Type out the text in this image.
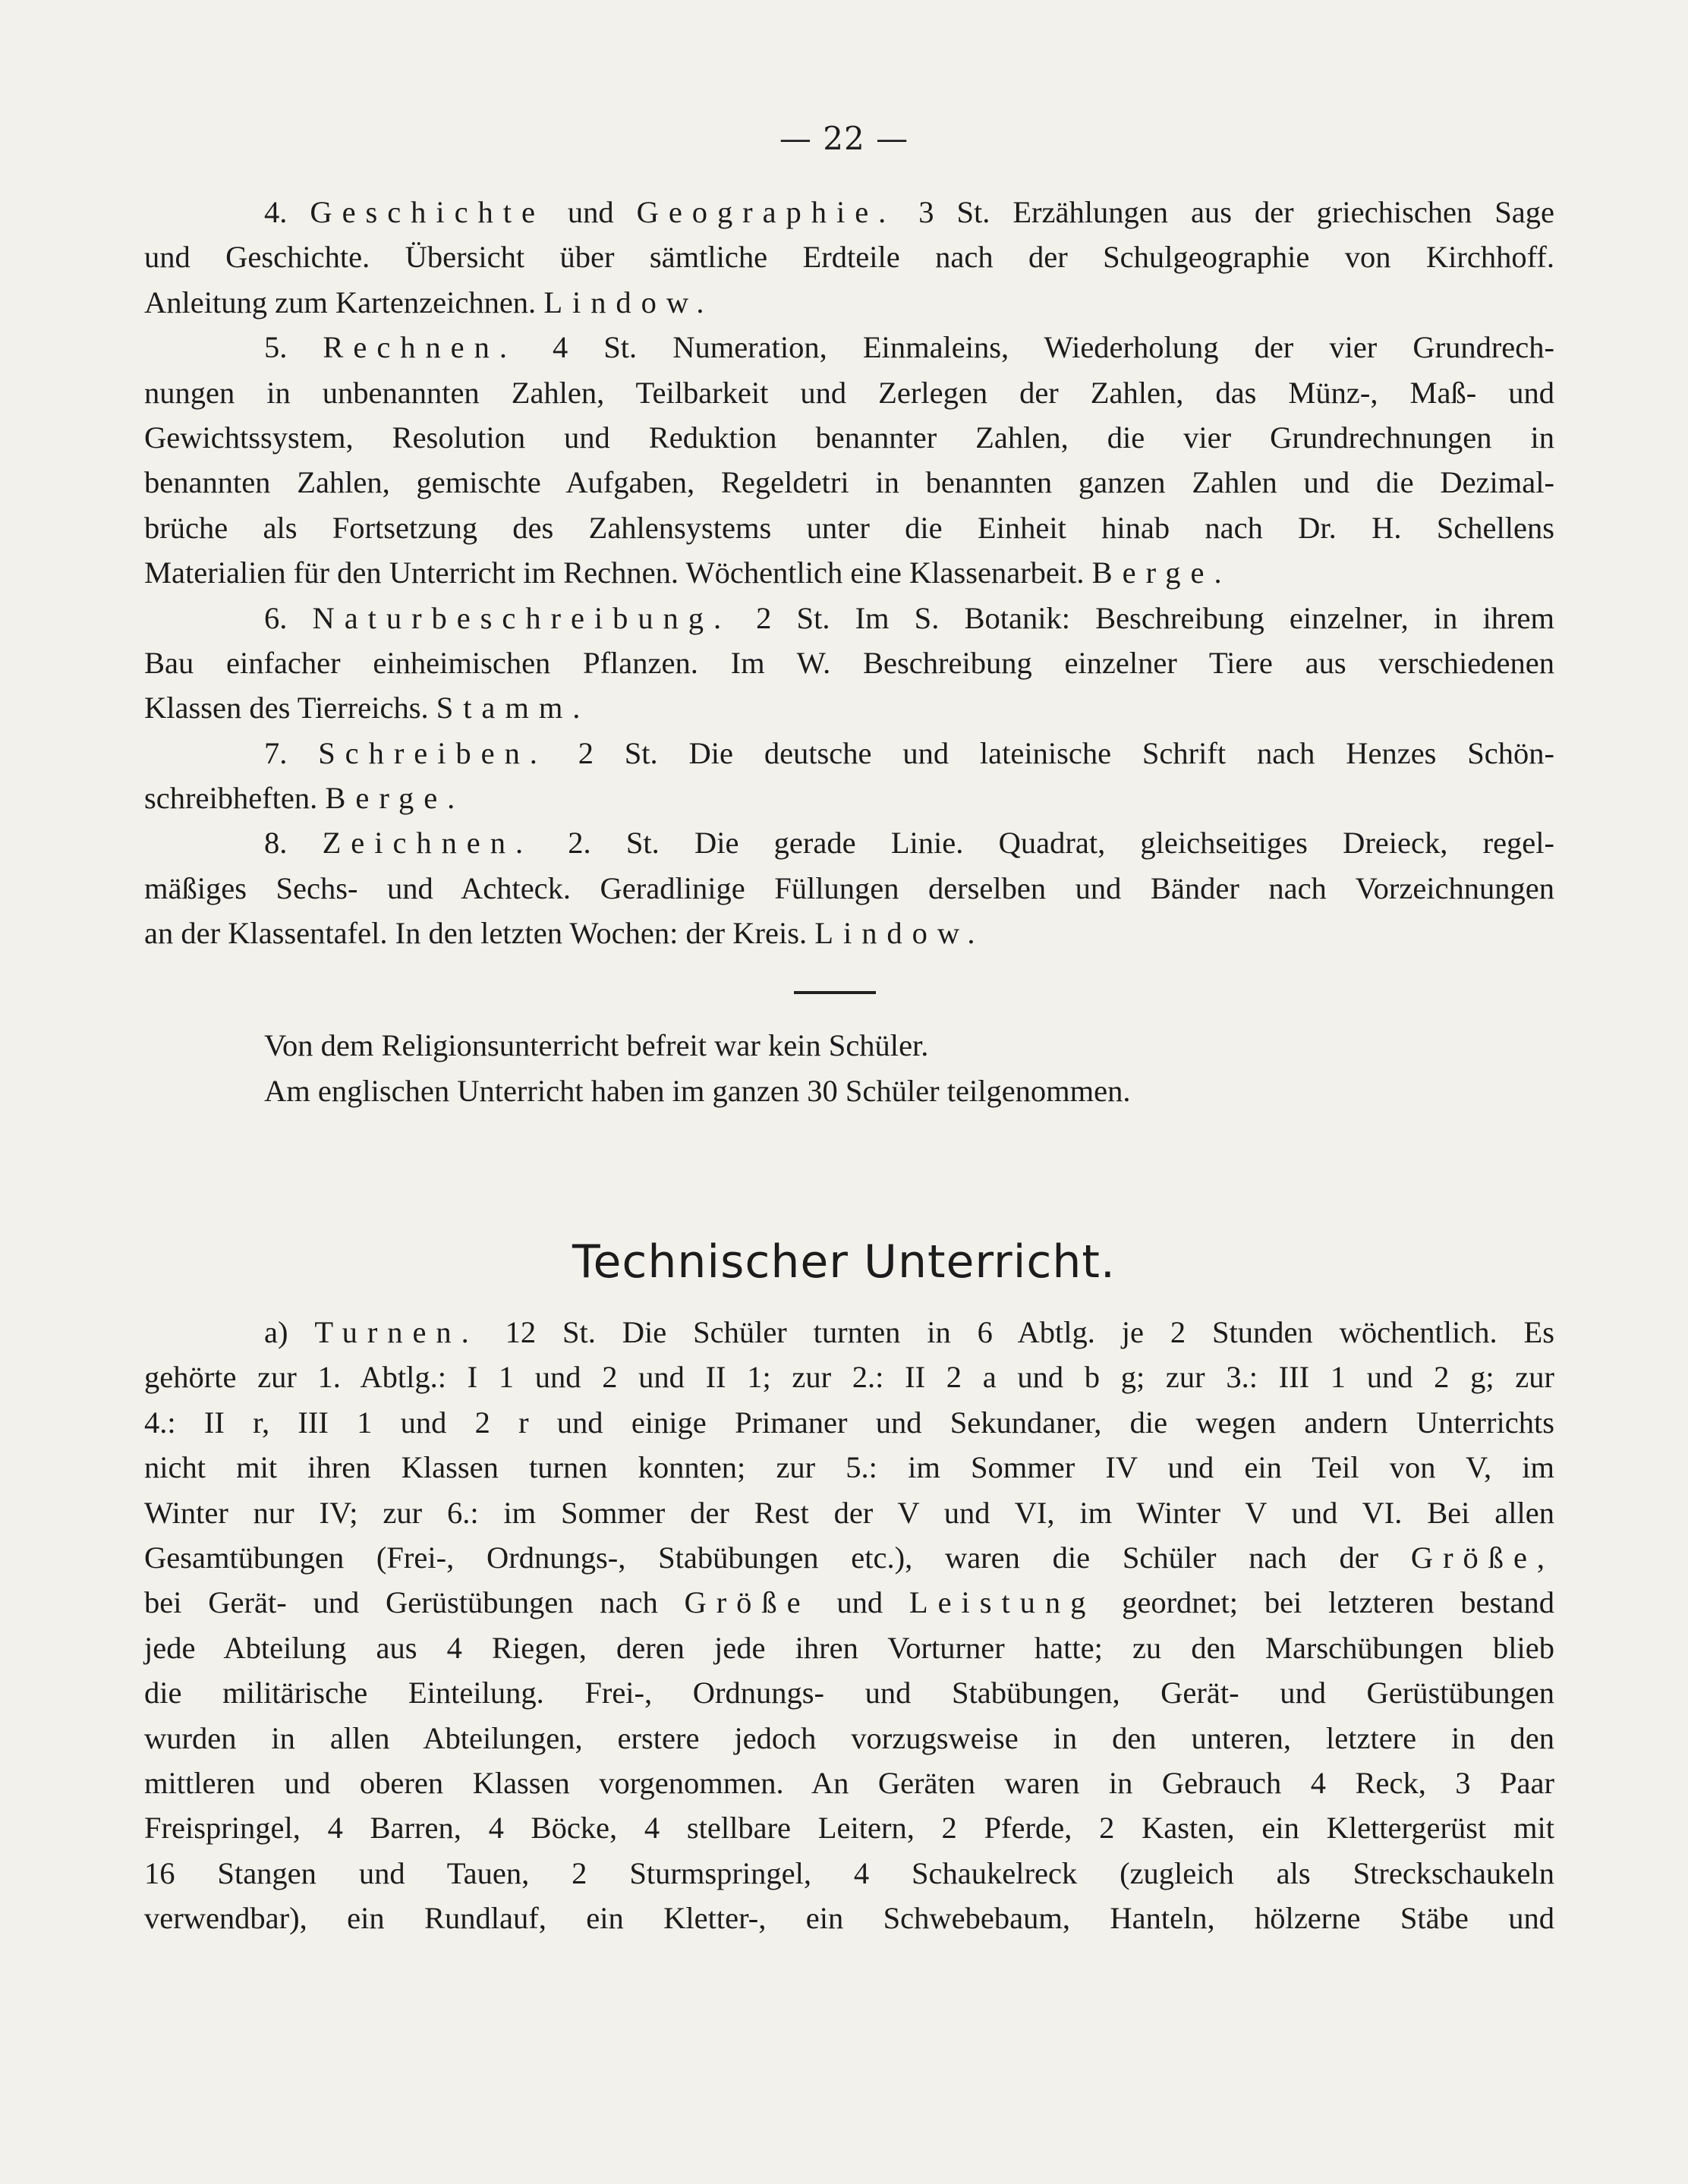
— 22 —
4. Geschichte und Geographie. 3 St. Erzählungen aus der griechischen Sage
und Geschichte. Übersicht über sämtliche Erdteile nach der Schulgeographie von Kirchhoff.
Anleitung zum Kartenzeichnen. Lindow.
5. Rechnen. 4 St. Numeration, Einmaleins, Wiederholung der vier Grundrech-
nungen in unbenannten Zahlen, Teilbarkeit und Zerlegen der Zahlen, das Münz-, Maß- und
Gewichtssystem, Resolution und Reduktion benannter Zahlen, die vier Grundrechnungen in
benannten Zahlen, gemischte Aufgaben, Regeldetri in benannten ganzen Zahlen und die Dezimal-
brüche als Fortsetzung des Zahlensystems unter die Einheit hinab nach Dr. H. Schellens
Materialien für den Unterricht im Rechnen. Wöchentlich eine Klassenarbeit. Berge.
6. Naturbeschreibung. 2 St. Im S. Botanik: Beschreibung einzelner, in ihrem
Bau einfacher einheimischen Pflanzen. Im W. Beschreibung einzelner Tiere aus verschiedenen
Klassen des Tierreichs. Stamm.
7. Schreiben. 2 St. Die deutsche und lateinische Schrift nach Henzes Schön-
schreibheften. Berge.
8. Zeichnen. 2. St. Die gerade Linie. Quadrat, gleichseitiges Dreieck, regel-
mäßiges Sechs- und Achteck. Geradlinige Füllungen derselben und Bänder nach Vorzeichnungen
an der Klassentafel. In den letzten Wochen: der Kreis. Lindow.
Von dem Religionsunterricht befreit war kein Schüler.
Am englischen Unterricht haben im ganzen 30 Schüler teilgenommen.
Technischer Unterricht.
a) Turnen. 12 St. Die Schüler turnten in 6 Abtlg. je 2 Stunden wöchentlich. Es
gehörte zur 1. Abtlg.: I 1 und 2 und II 1; zur 2.: II 2 a und b g; zur 3.: III 1 und 2 g; zur
4.: II r, III 1 und 2 r und einige Primaner und Sekundaner, die wegen andern Unterrichts
nicht mit ihren Klassen turnen konnten; zur 5.: im Sommer IV und ein Teil von V, im
Winter nur IV; zur 6.: im Sommer der Rest der V und VI, im Winter V und VI. Bei allen
Gesamtübungen (Frei-, Ordnungs-, Stabübungen etc.), waren die Schüler nach der Größe,
bei Gerät- und Gerüstübungen nach Größe und Leistung geordnet; bei letzteren bestand
jede Abteilung aus 4 Riegen, deren jede ihren Vorturner hatte; zu den Marschübungen blieb
die militärische Einteilung. Frei-, Ordnungs- und Stabübungen, Gerät- und Gerüstübungen
wurden in allen Abteilungen, erstere jedoch vorzugsweise in den unteren, letztere in den
mittleren und oberen Klassen vorgenommen. An Geräten waren in Gebrauch 4 Reck, 3 Paar
Freispringel, 4 Barren, 4 Böcke, 4 stellbare Leitern, 2 Pferde, 2 Kasten, ein Klettergerüst mit
16 Stangen und Tauen, 2 Sturmspringel, 4 Schaukelreck (zugleich als Streckschaukeln
verwendbar), ein Rundlauf, ein Kletter-, ein Schwebebaum, Hanteln, hölzerne Stäbe und
